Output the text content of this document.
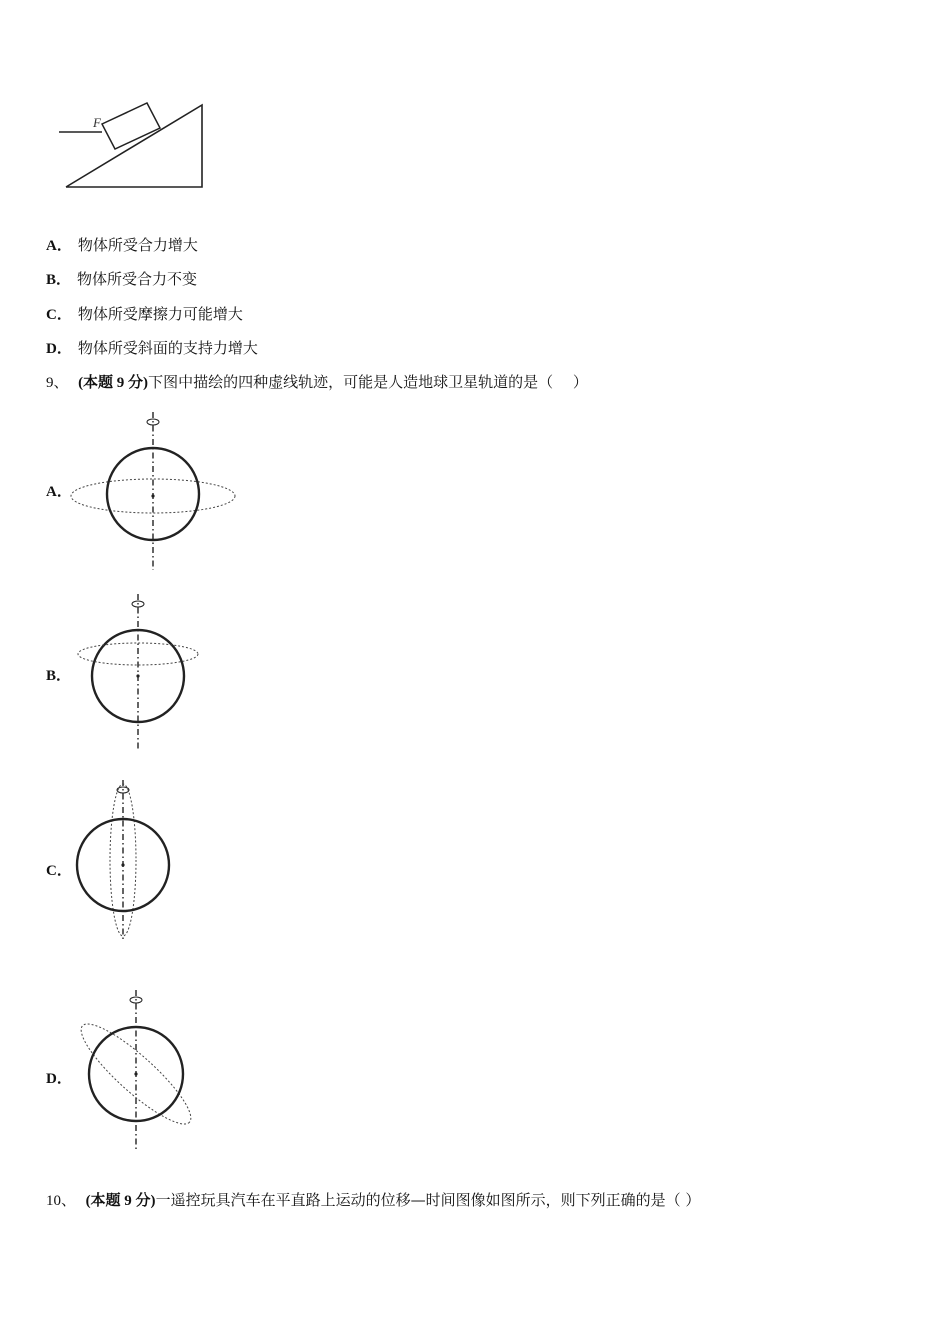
F
A． 物体所受合力增大
B． 物体所受合力不变
C． 物体所受摩擦力可能增大
D． 物体所受斜面的支持力增大
9、 (本题 9 分)下图中描绘的四种虚线轨迹，可能是人造地球卫星轨道的是（　 ）
A．
B．
C．
D．
10、 (本题 9 分)一遥控玩具汽车在平直路上运动的位移—时间图像如图所示，则下列正确的是（ ）
